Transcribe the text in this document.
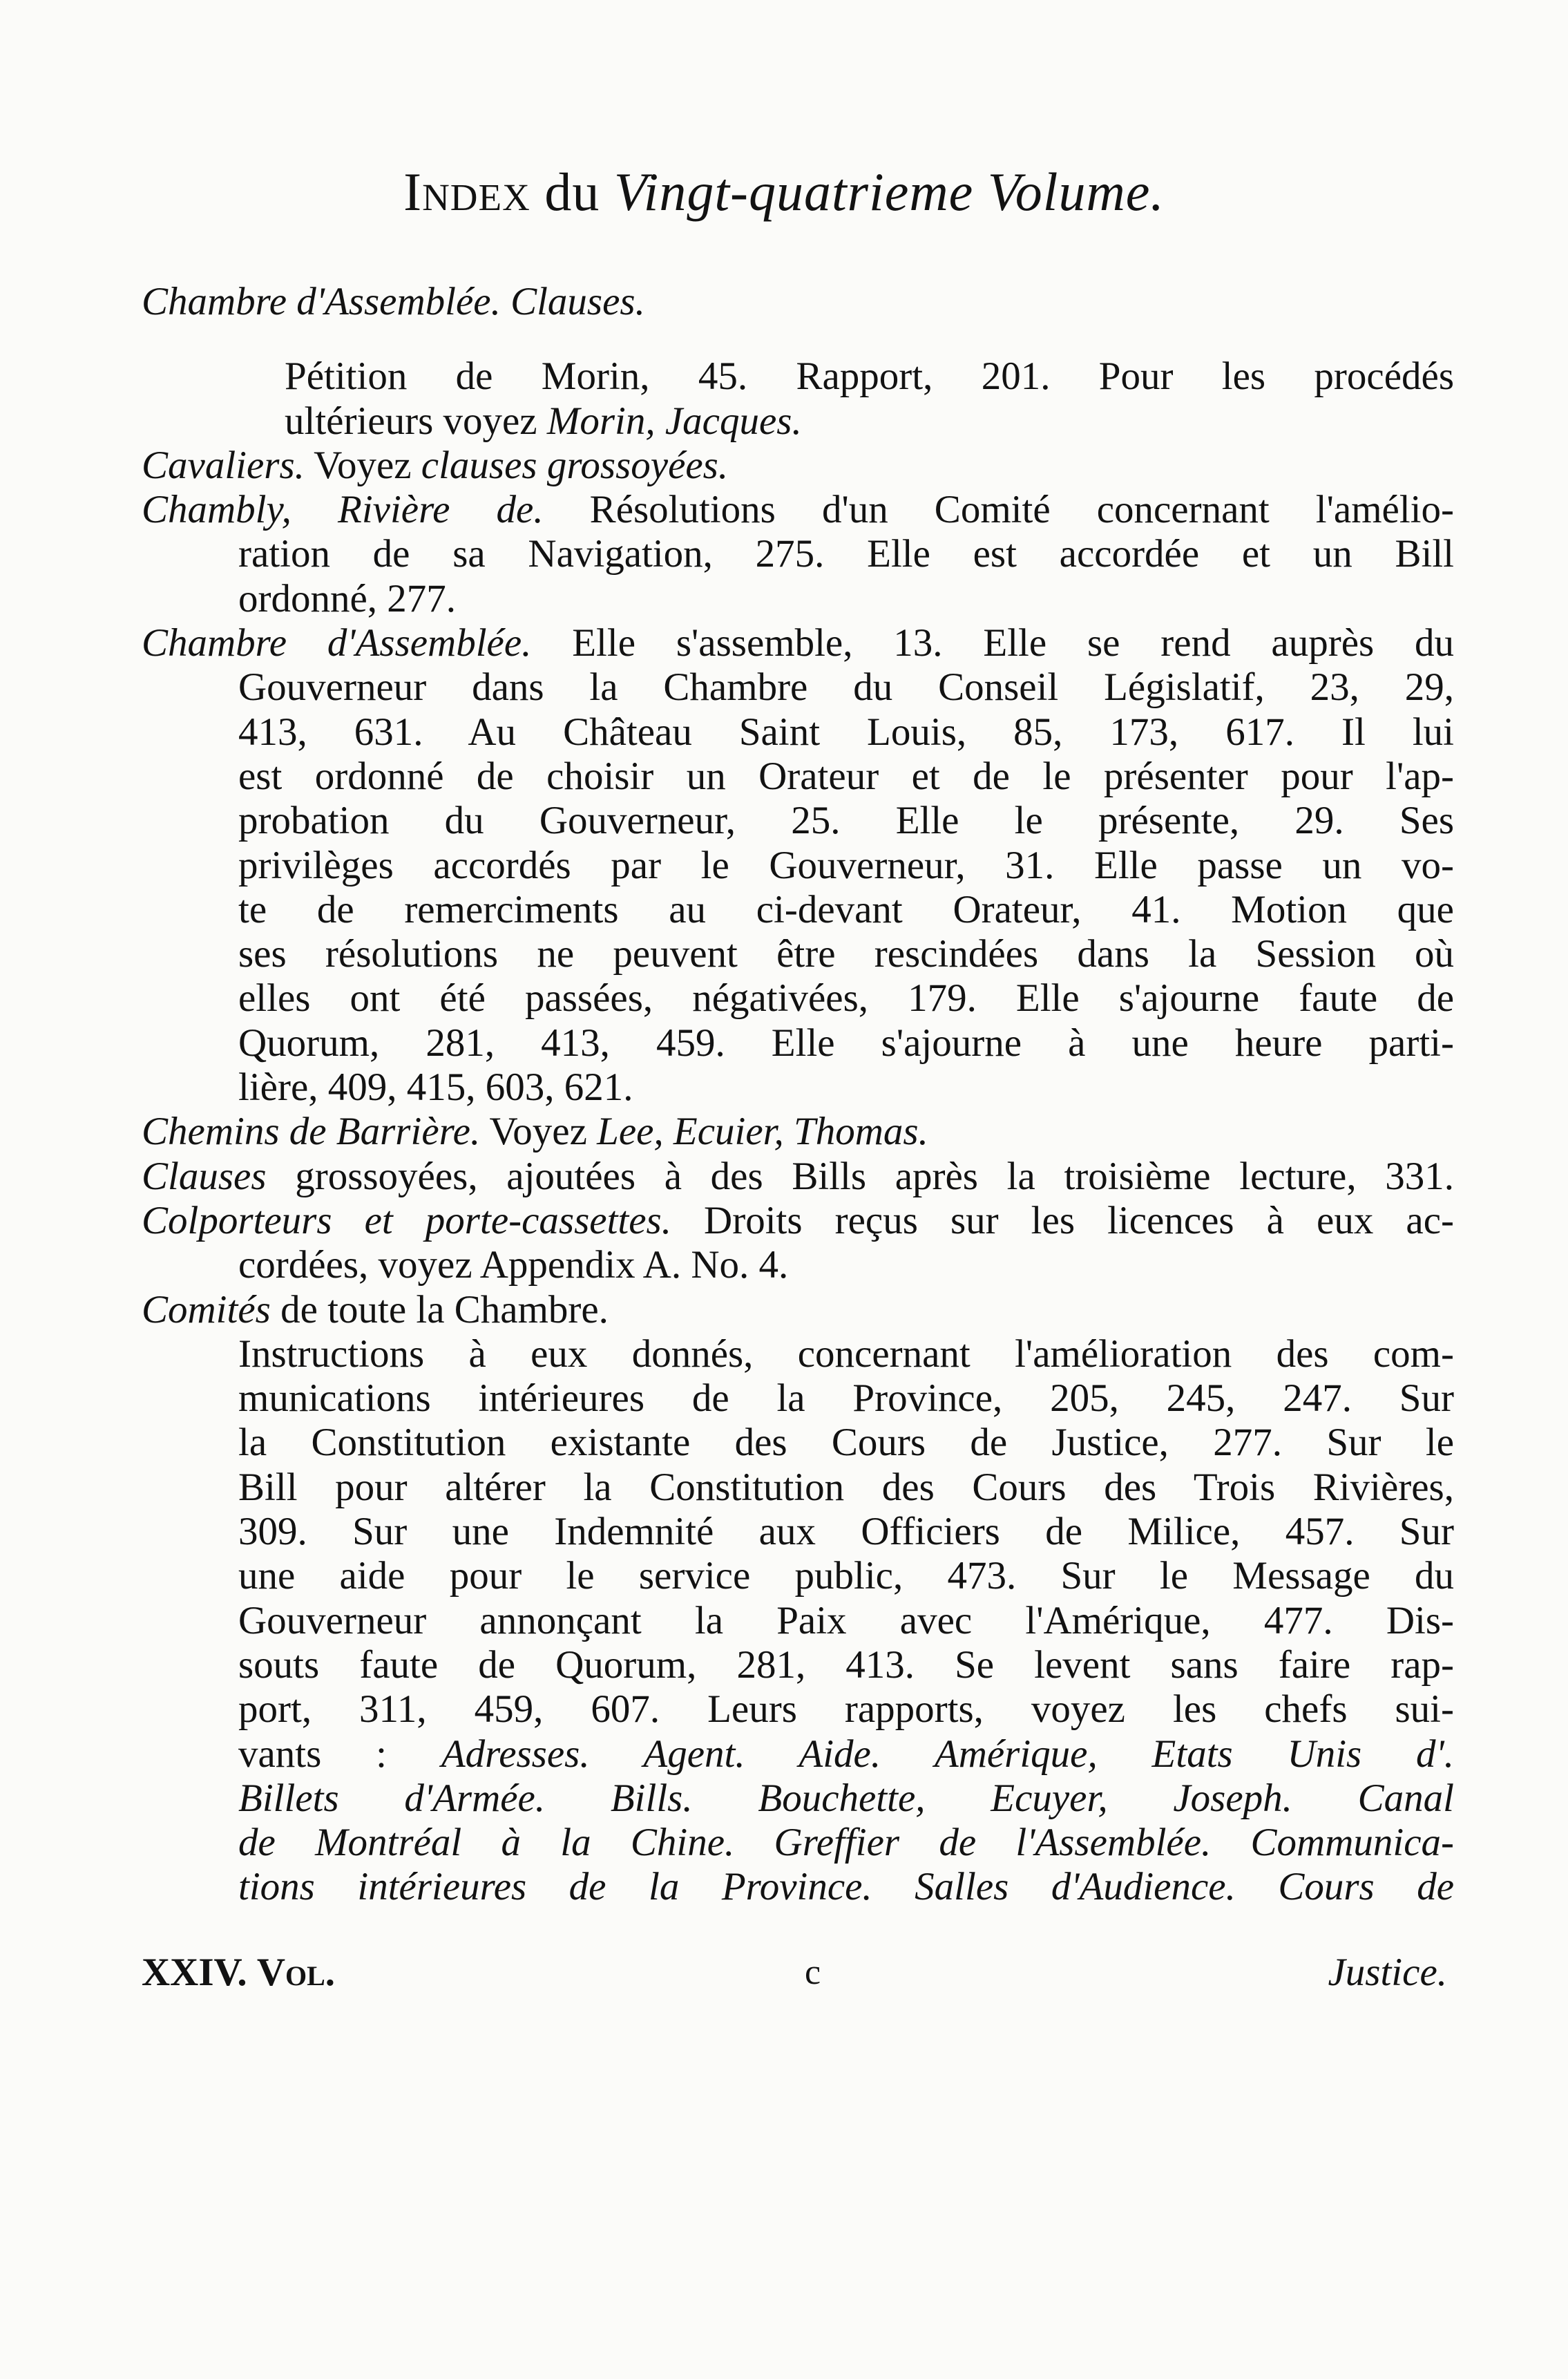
Index du Vingt-quatrieme Volume.
Chambre d'Assemblée. Clauses.
Pétition de Morin, 45. Rapport, 201. Pour les procédés
ultérieurs voyez Morin, Jacques.
Cavaliers. Voyez clauses grossoyées.
Chambly, Rivière de. Résolutions d'un Comité concernant l'amélio-
ration de sa Navigation, 275. Elle est accordée et un Bill
ordonné, 277.
Chambre d'Assemblée. Elle s'assemble, 13. Elle se rend auprès du
Gouverneur dans la Chambre du Conseil Législatif, 23, 29,
413, 631. Au Château Saint Louis, 85, 173, 617. Il lui
est ordonné de choisir un Orateur et de le présenter pour l'ap-
probation du Gouverneur, 25. Elle le présente, 29. Ses
privilèges accordés par le Gouverneur, 31. Elle passe un vo-
te de remerciments au ci-devant Orateur, 41. Motion que
ses résolutions ne peuvent être rescindées dans la Session où
elles ont été passées, négativées, 179. Elle s'ajourne faute de
Quorum, 281, 413, 459. Elle s'ajourne à une heure parti-
lière, 409, 415, 603, 621.
Chemins de Barrière. Voyez Lee, Ecuier, Thomas.
Clauses grossoyées, ajoutées à des Bills après la troisième lecture, 331.
Colporteurs et porte-cassettes. Droits reçus sur les licences à eux ac-
cordées, voyez Appendix A. No. 4.
Comités de toute la Chambre.
Instructions à eux donnés, concernant l'amélioration des com-
munications intérieures de la Province, 205, 245, 247. Sur
la Constitution existante des Cours de Justice, 277. Sur le
Bill pour altérer la Constitution des Cours des Trois Rivières,
309. Sur une Indemnité aux Officiers de Milice, 457. Sur
une aide pour le service public, 473. Sur le Message du
Gouverneur annonçant la Paix avec l'Amérique, 477. Dis-
souts faute de Quorum, 281, 413. Se levent sans faire rap-
port, 311, 459, 607. Leurs rapports, voyez les chefs sui-
vants : Adresses. Agent. Aide. Amérique, Etats Unis d'.
Billets d'Armée. Bills. Bouchette, Ecuyer, Joseph. Canal
de Montréal à la Chine. Greffier de l'Assemblée. Communica-
tions intérieures de la Province. Salles d'Audience. Cours de
XXIV. Vol.	c	Justice.
